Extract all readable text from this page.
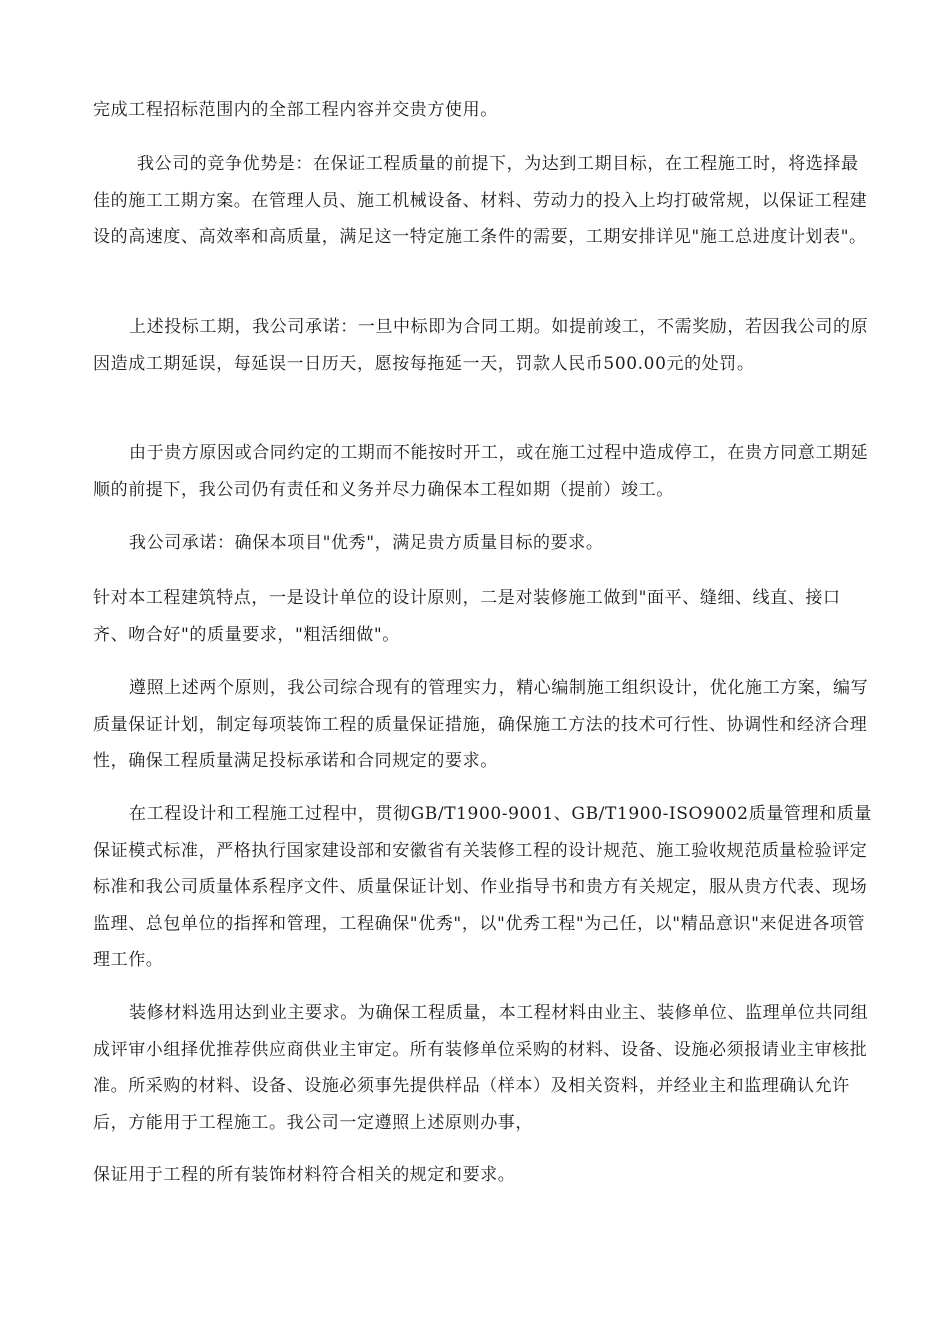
完成工程招标范围内的全部工程内容并交贵方使用。

我公司的竞争优势是：在保证工程质量的前提下，为达到工期目标，在工程施工时，将选择最佳的施工工期方案。在管理人员、施工机械设备、材料、劳动力的投入上均打破常规，以保证工程建设的高速度、高效率和高质量，满足这一特定施工条件的需要，工期安排详见"施工总进度计划表"。

上述投标工期，我公司承诺：一旦中标即为合同工期。如提前竣工，不需奖励，若因我公司的原因造成工期延误，每延误一日历天，愿按每拖延一天，罚款人民币500.00元的处罚。

由于贵方原因或合同约定的工期而不能按时开工，或在施工过程中造成停工，在贵方同意工期延顺的前提下，我公司仍有责任和义务并尽力确保本工程如期（提前）竣工。

我公司承诺：确保本项目"优秀"，满足贵方质量目标的要求。

针对本工程建筑特点，一是设计单位的设计原则，二是对装修施工做到"面平、缝细、线直、接口齐、吻合好"的质量要求，"粗活细做"。

遵照上述两个原则，我公司综合现有的管理实力，精心编制施工组织设计，优化施工方案，编写质量保证计划，制定每项装饰工程的质量保证措施，确保施工方法的技术可行性、协调性和经济合理性，确保工程质量满足投标承诺和合同规定的要求。

在工程设计和工程施工过程中，贯彻GB/T1900-9001、GB/T1900-ISO9002质量管理和质量保证模式标准，严格执行国家建设部和安徽省有关装修工程的设计规范、施工验收规范质量检验评定标准和我公司质量体系程序文件、质量保证计划、作业指导书和贵方有关规定，服从贵方代表、现场监理、总包单位的指挥和管理，工程确保"优秀"，以"优秀工程"为己任，以"精品意识"来促进各项管理工作。

装修材料选用达到业主要求。为确保工程质量，本工程材料由业主、装修单位、监理单位共同组成评审小组择优推荐供应商供业主审定。所有装修单位采购的材料、设备、设施必须报请业主审核批准。所采购的材料、设备、设施必须事先提供样品（样本）及相关资料，并经业主和监理确认允许后，方能用于工程施工。我公司一定遵照上述原则办事，

保证用于工程的所有装饰材料符合相关的规定和要求。
